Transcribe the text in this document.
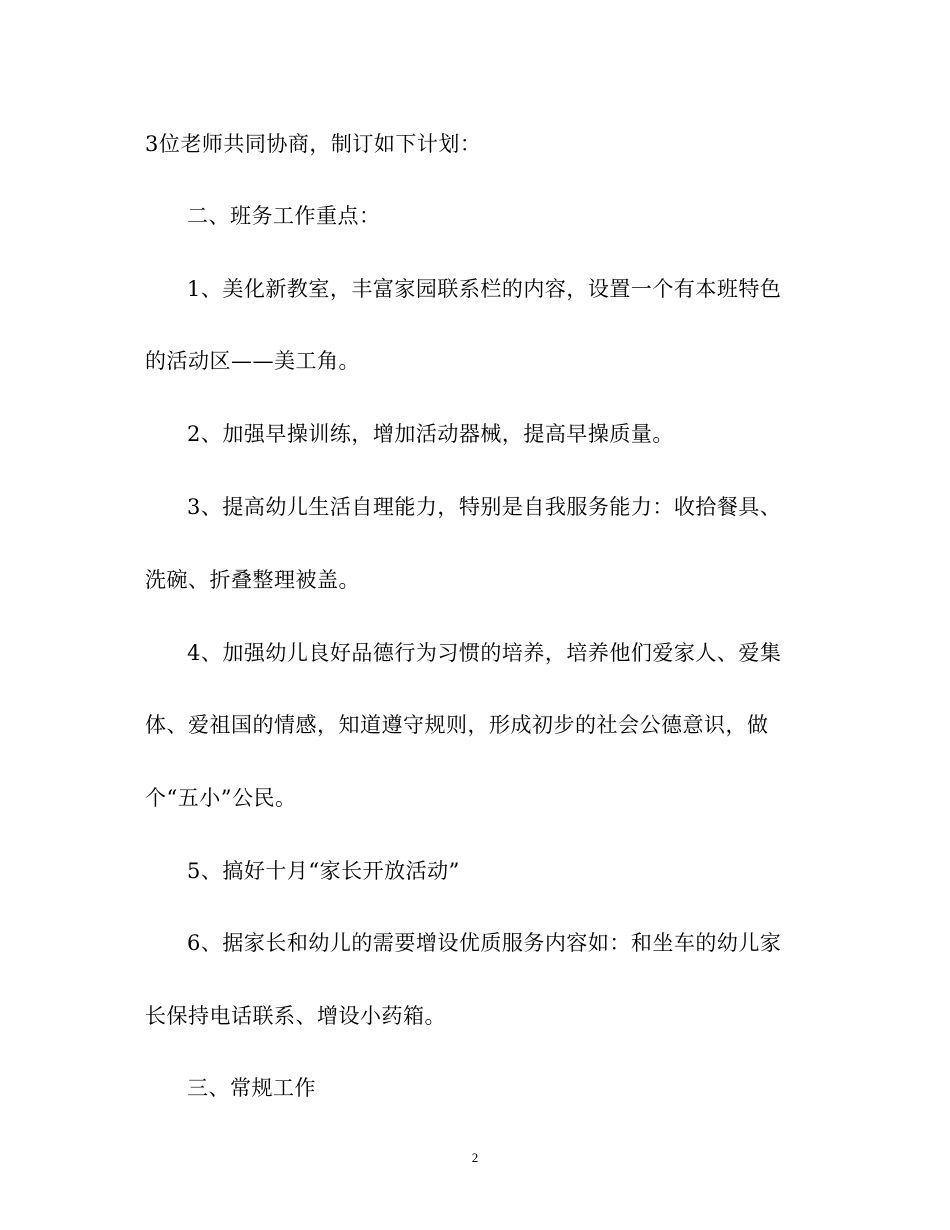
3位老师共同协商，制订如下计划：
二、班务工作重点：
1、美化新教室，丰富家园联系栏的内容，设置一个有本班特色
的活动区——美工角。
2、加强早操训练，增加活动器械，提高早操质量。
3、提高幼儿生活自理能力，特别是自我服务能力：收拾餐具、
洗碗、折叠整理被盖。
4、加强幼儿良好品德行为习惯的培养，培养他们爱家人、爱集
体、爱祖国的情感，知道遵守规则，形成初步的社会公德意识，做
个“五小”公民。
5、搞好十月“家长开放活动”
6、据家长和幼儿的需要增设优质服务内容如：和坐车的幼儿家
长保持电话联系、增设小药箱。
三、常规工作
2
